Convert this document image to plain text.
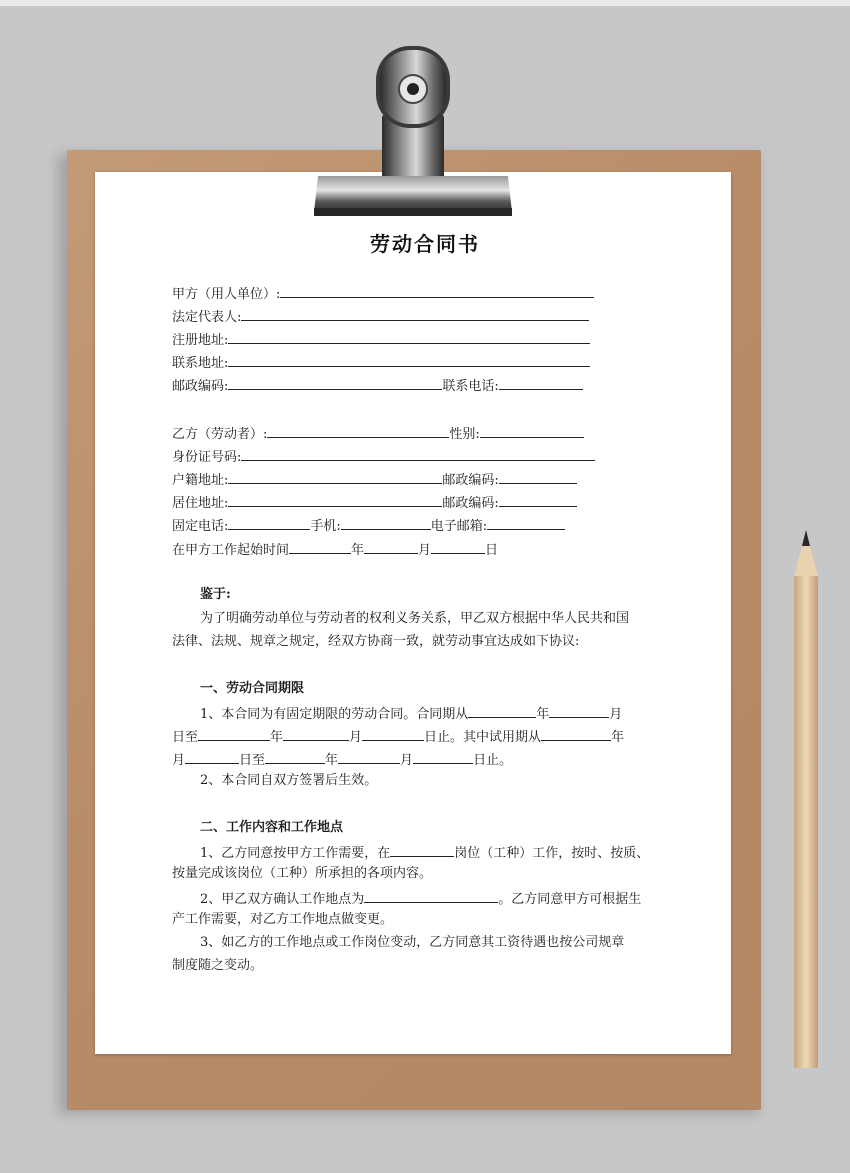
劳动合同书
甲方（用人单位）:
法定代表人:
注册地址:
联系地址:
邮政编码:	联系电话:
乙方（劳动者）:	性别:
身份证号码:
户籍地址:	邮政编码:
居住地址:	邮政编码:
固定电话:	手机:	电子邮箱:
在甲方工作起始时间	年	月	日
鉴于:
为了明确劳动单位与劳动者的权利义务关系，甲乙双方根据中华人民共和国
法律、法规、规章之规定，经双方协商一致，就劳动事宜达成如下协议:
一、劳动合同期限
1、本合同为有固定期限的劳动合同。合同期从	年	月
日至	年	月	日止。其中试用期从	年
月	日至	年	月	日止。
2、本合同自双方签署后生效。
二、工作内容和工作地点
1、乙方同意按甲方工作需要，在	岗位（工种）工作，按时、按质、
按量完成该岗位（工种）所承担的各项内容。
2、甲乙双方确认工作地点为	。乙方同意甲方可根据生
产工作需要，对乙方工作地点做变更。
3、如乙方的工作地点或工作岗位变动，乙方同意其工资待遇也按公司规章
制度随之变动。
